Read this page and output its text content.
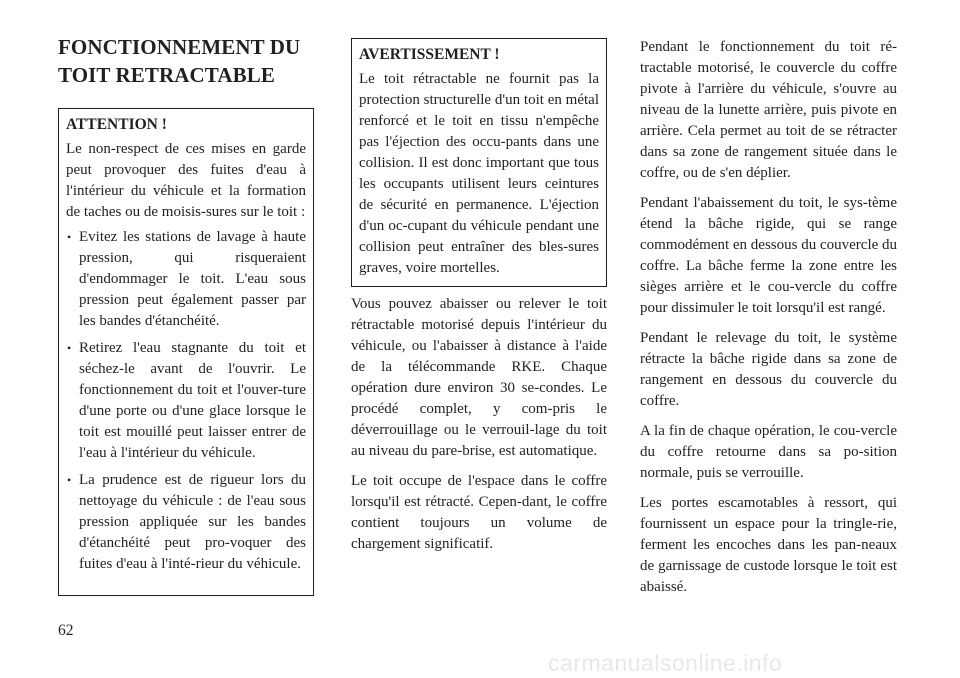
FONCTIONNEMENT DU
TOIT RETRACTABLE

ATTENTION !

Le non-respect de ces mises en garde peut provoquer des fuites d'eau à l'intérieur du véhicule et la formation de taches ou de moisis-sures sur le toit :

• Evitez les stations de lavage à haute pression, qui risqueraient d'endommager le toit. L'eau sous pression peut également passer par les bandes d'étanchéité.
• Retirez l'eau stagnante du toit et séchez-le avant de l'ouvrir. Le fonctionnement du toit et l'ouver-ture d'une porte ou d'une glace lorsque le toit est mouillé peut laisser entrer de l'eau à l'intérieur du véhicule.
• La prudence est de rigueur lors du nettoyage du véhicule : de l'eau sous pression appliquée sur les bandes d'étanchéité peut pro-voquer des fuites d'eau à l'inté-rieur du véhicule.

AVERTISSEMENT !

Le toit rétractable ne fournit pas la protection structurelle d'un toit en métal renforcé et le toit en tissu n'empêche pas l'éjection des occu-pants dans une collision. Il est donc important que tous les occupants utilisent leurs ceintures de sécurité en permanence. L'éjection d'un oc-cupant du véhicule pendant une collision peut entraîner des bles-sures graves, voire mortelles.

Vous pouvez abaisser ou relever le toit rétractable motorisé depuis l'intérieur du véhicule, ou l'abaisser à distance à l'aide de la télécommande RKE. Chaque opération dure environ 30 se-condes. Le procédé complet, y com-pris le déverrouillage ou le verrouil-lage du toit au niveau du pare-brise, est automatique.

Le toit occupe de l'espace dans le coffre lorsqu'il est rétracté. Cepen-dant, le coffre contient toujours un volume de chargement significatif.

Pendant le fonctionnement du toit ré-tractable motorisé, le couvercle du coffre pivote à l'arrière du véhicule, s'ouvre au niveau de la lunette arrière, puis pivote en arrière. Cela permet au toit de se rétracter dans sa zone de rangement située dans le coffre, ou de s'en déplier.

Pendant l'abaissement du toit, le sys-tème étend la bâche rigide, qui se range commodément en dessous du couvercle du coffre. La bâche ferme la zone entre les sièges arrière et le cou-vercle du coffre pour dissimuler le toit lorsqu'il est rangé.

Pendant le relevage du toit, le système rétracte la bâche rigide dans sa zone de rangement en dessous du couvercle du coffre.

A la fin de chaque opération, le cou-vercle du coffre retourne dans sa po-sition normale, puis se verrouille.

Les portes escamotables à ressort, qui fournissent un espace pour la tringle-rie, ferment les encoches dans les pan-neaux de garnissage de custode lorsque le toit est abaissé.

62

carmanualsonline.info
